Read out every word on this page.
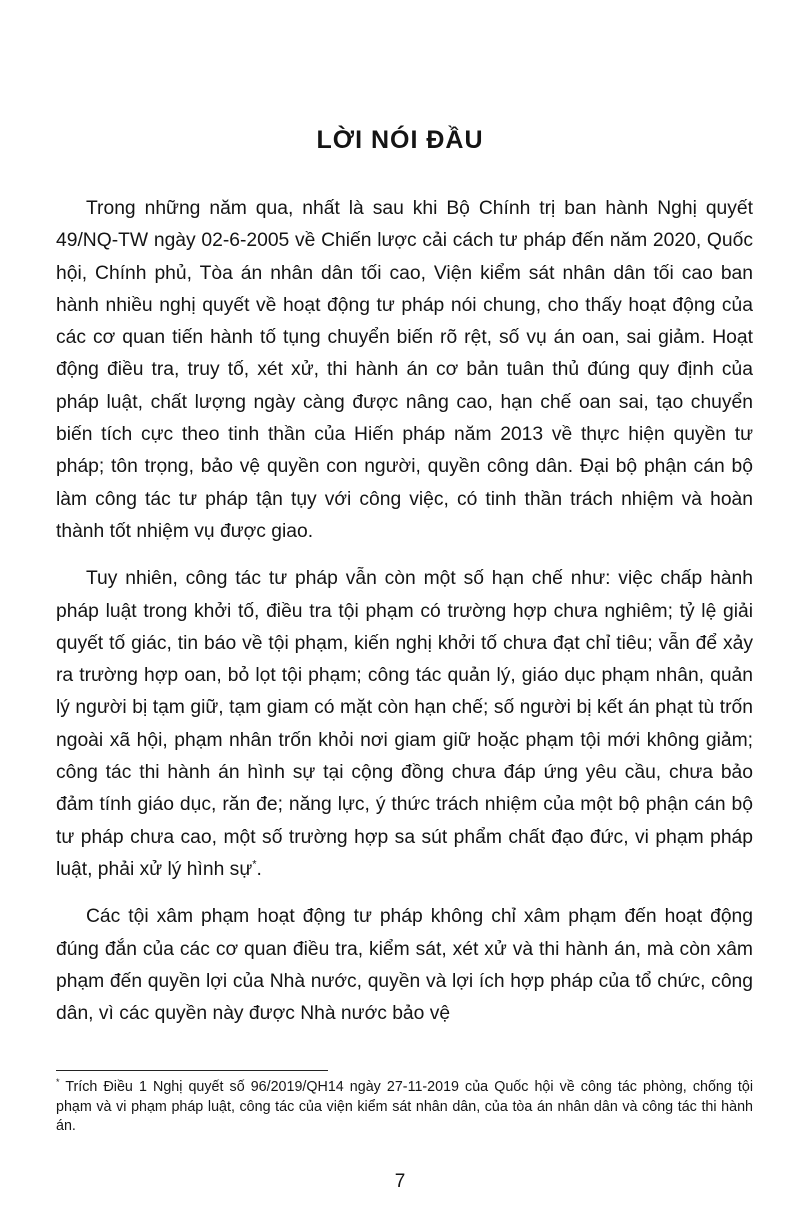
LỜI NÓI ĐẦU

Trong những năm qua, nhất là sau khi Bộ Chính trị ban hành Nghị quyết 49/NQ-TW ngày 02-6-2005 về Chiến lược cải cách tư pháp đến năm 2020, Quốc hội, Chính phủ, Tòa án nhân dân tối cao, Viện kiểm sát nhân dân tối cao ban hành nhiều nghị quyết về hoạt động tư pháp nói chung, cho thấy hoạt động của các cơ quan tiến hành tố tụng chuyển biến rõ rệt, số vụ án oan, sai giảm. Hoạt động điều tra, truy tố, xét xử, thi hành án cơ bản tuân thủ đúng quy định của pháp luật, chất lượng ngày càng được nâng cao, hạn chế oan sai, tạo chuyển biến tích cực theo tinh thần của Hiến pháp năm 2013 về thực hiện quyền tư pháp; tôn trọng, bảo vệ quyền con người, quyền công dân. Đại bộ phận cán bộ làm công tác tư pháp tận tụy với công việc, có tinh thần trách nhiệm và hoàn thành tốt nhiệm vụ được giao.

Tuy nhiên, công tác tư pháp vẫn còn một số hạn chế như: việc chấp hành pháp luật trong khởi tố, điều tra tội phạm có trường hợp chưa nghiêm; tỷ lệ giải quyết tố giác, tin báo về tội phạm, kiến nghị khởi tố chưa đạt chỉ tiêu; vẫn để xảy ra trường hợp oan, bỏ lọt tội phạm; công tác quản lý, giáo dục phạm nhân, quản lý người bị tạm giữ, tạm giam có mặt còn hạn chế; số người bị kết án phạt tù trốn ngoài xã hội, phạm nhân trốn khỏi nơi giam giữ hoặc phạm tội mới không giảm; công tác thi hành án hình sự tại cộng đồng chưa đáp ứng yêu cầu, chưa bảo đảm tính giáo dục, răn đe; năng lực, ý thức trách nhiệm của một bộ phận cán bộ tư pháp chưa cao, một số trường hợp sa sút phẩm chất đạo đức, vi phạm pháp luật, phải xử lý hình sự*.

Các tội xâm phạm hoạt động tư pháp không chỉ xâm phạm đến hoạt động đúng đắn của các cơ quan điều tra, kiểm sát, xét xử và thi hành án, mà còn xâm phạm đến quyền lợi của Nhà nước, quyền và lợi ích hợp pháp của tổ chức, công dân, vì các quyền này được Nhà nước bảo vệ

* Trích Điều 1 Nghị quyết số 96/2019/QH14 ngày 27-11-2019 của Quốc hội về công tác phòng, chống tội phạm và vi phạm pháp luật, công tác của viện kiểm sát nhân dân, của tòa án nhân dân và công tác thi hành án.

7
